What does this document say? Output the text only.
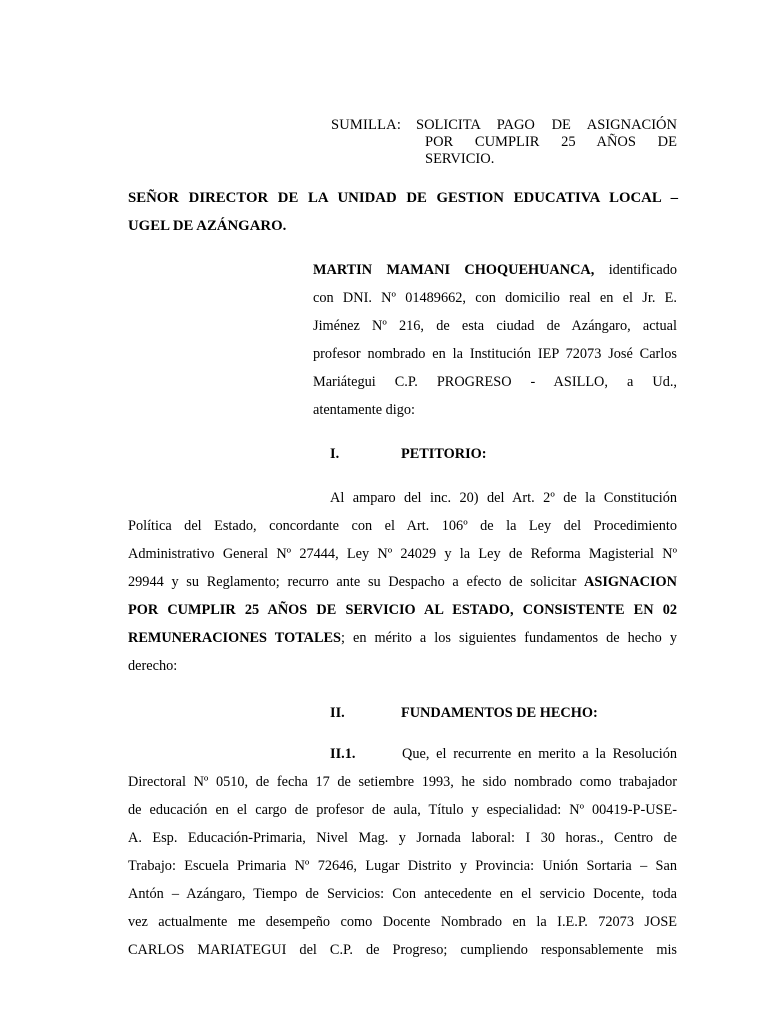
SUMILLA: SOLICITA PAGO DE ASIGNACIÓN
POR CUMPLIR 25 AÑOS DE
SERVICIO.
SEÑOR DIRECTOR DE LA UNIDAD DE GESTION EDUCATIVA LOCAL –
UGEL DE AZÁNGARO.
MARTIN MAMANI CHOQUEHUANCA, identificado
con DNI. Nº 01489662, con domicilio real en el Jr. E.
Jiménez Nº 216, de esta ciudad de Azángaro, actual
profesor nombrado en la Institución IEP 72073 José Carlos
Mariátegui C.P. PROGRESO - ASILLO, a Ud.,
atentamente digo:
I.	PETITORIO:
Al amparo del inc. 20) del Art. 2º de la Constitución
Política del Estado, concordante con el Art. 106º de la Ley del Procedimiento
Administrativo General Nº 27444, Ley Nº 24029 y la Ley de Reforma Magisterial Nº
29944 y su Reglamento; recurro ante su Despacho a efecto de solicitar ASIGNACION
POR CUMPLIR 25 AÑOS DE SERVICIO AL ESTADO, CONSISTENTE EN 02
REMUNERACIONES TOTALES; en mérito a los siguientes fundamentos de hecho y
derecho:
II.	FUNDAMENTOS DE HECHO:
II.1.	Que, el recurrente en merito a la Resolución
Directoral Nº 0510, de fecha 17 de setiembre 1993, he sido nombrado como trabajador
de educación en el cargo de profesor de aula, Título y especialidad: Nº 00419-P-USE-
A. Esp. Educación-Primaria, Nivel Mag. y Jornada laboral: I 30 horas., Centro de
Trabajo: Escuela Primaria Nº 72646, Lugar Distrito y Provincia: Unión Sortaria – San
Antón – Azángaro, Tiempo de Servicios: Con antecedente en el servicio Docente, toda
vez actualmente me desempeño como Docente Nombrado en la I.E.P. 72073 JOSE
CARLOS MARIATEGUI del C.P. de Progreso; cumpliendo responsablemente mis
